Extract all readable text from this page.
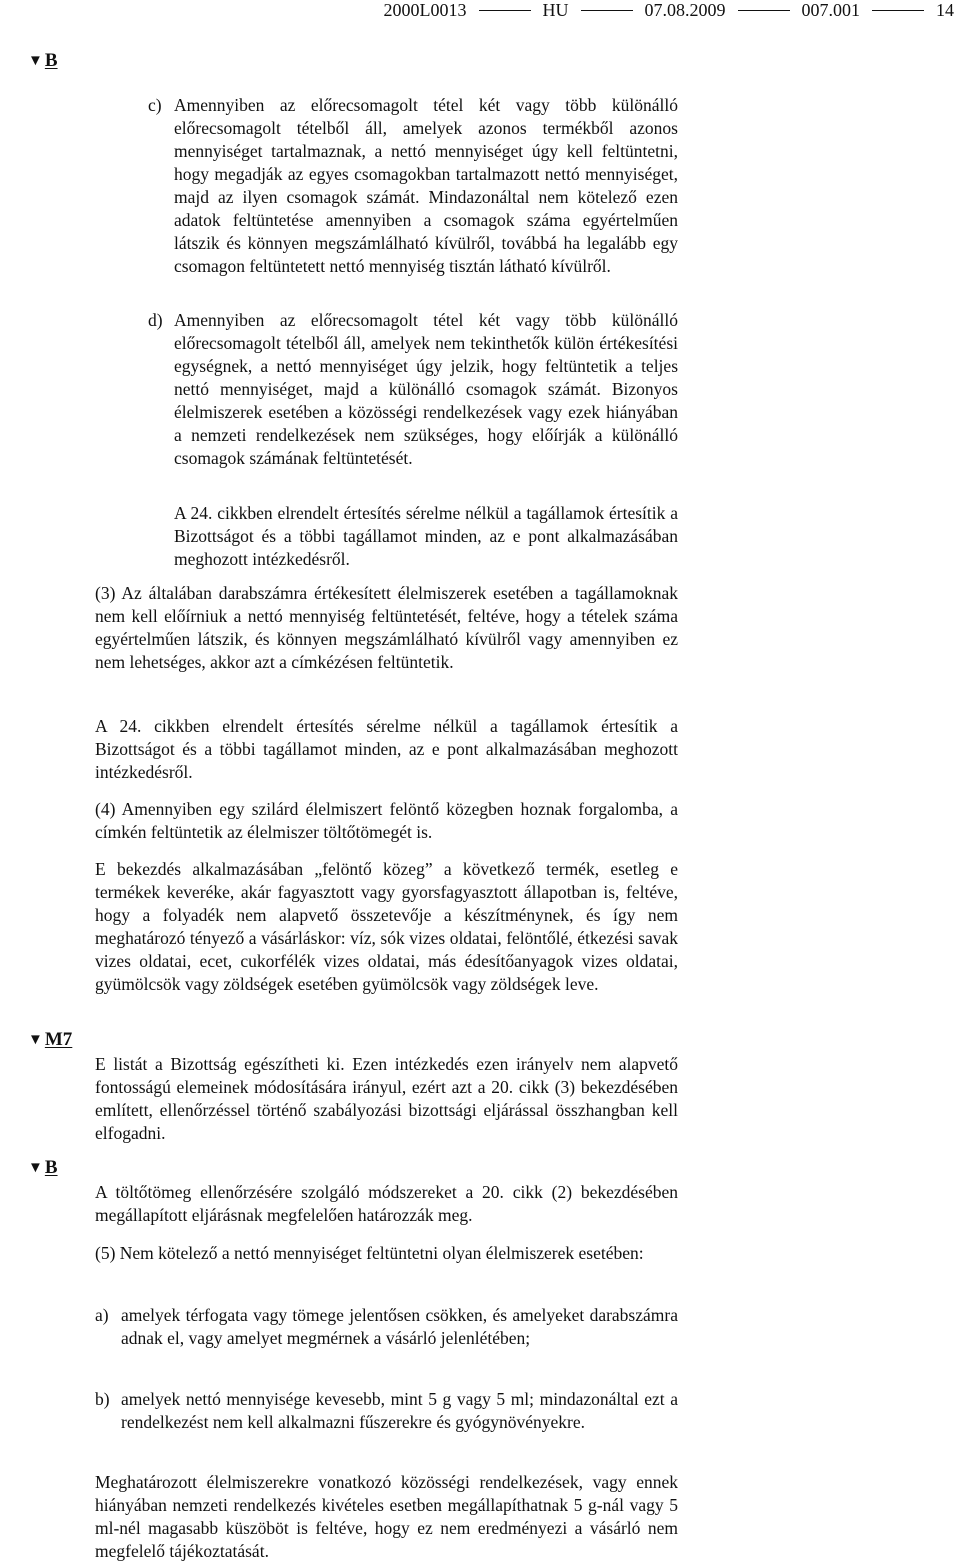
2000L0013	HU	07.08.2009	007.001	14
▼ B
▼ M7
▼ B
c) Amennyiben az előrecsomagolt tétel két vagy több különálló előrecsomagolt tételből áll, amelyek azonos termékből azonos mennyiséget tartalmaznak, a nettó mennyiséget úgy kell feltüntetni, hogy megadják az egyes csomagokban tartalmazott nettó mennyiséget, majd az ilyen csomagok számát. Mindazonáltal nem kötelező ezen adatok feltüntetése amennyiben a csomagok száma egyértelműen látszik és könnyen megszámlálható kívülről, továbbá ha legalább egy csomagon feltüntetett nettó mennyiség tisztán látható kívülről.
d) Amennyiben az előrecsomagolt tétel két vagy több különálló előrecsomagolt tételből áll, amelyek nem tekinthetők külön értékesítési egységnek, a nettó mennyiséget úgy jelzik, hogy feltüntetik a teljes nettó mennyiséget, majd a különálló csomagok számát. Bizonyos élelmiszerek esetében a közösségi rendelkezések vagy ezek hiányában a nemzeti rendelkezések nem szükséges, hogy előírják a különálló csomagok számának feltüntetését.

A 24. cikkben elrendelt értesítés sérelme nélkül a tagállamok értesítik a Bizottságot és a többi tagállamot minden, az e pont alkalmazásában meghozott intézkedésről.

(3) Az általában darabszámra értékesített élelmiszerek esetében a tagállamoknak nem kell előírniuk a nettó mennyiség feltüntetését, feltéve, hogy a tételek száma egyértelműen látszik, és könnyen megszámlálható kívülről vagy amennyiben ez nem lehetséges, akkor azt a címkézésen feltüntetik.

A 24. cikkben elrendelt értesítés sérelme nélkül a tagállamok értesítik a Bizottságot és a többi tagállamot minden, az e pont alkalmazásában meghozott intézkedésről.

(4) Amennyiben egy szilárd élelmiszert felöntő közegben hoznak forgalomba, a címkén feltüntetik az élelmiszer töltőtömegét is.

E bekezdés alkalmazásában „felöntő közeg” a következő termék, esetleg e termékek keveréke, akár fagyasztott vagy gyorsfagyasztott állapotban is, feltéve, hogy a folyadék nem alapvető összetevője a készítménynek, és így nem meghatározó tényező a vásárláskor: víz, sók vizes oldatai, felöntőlé, étkezési savak vizes oldatai, ecet, cukorfélék vizes oldatai, más édesítőanyagok vizes oldatai, gyümölcsök vagy zöldségek esetében gyümölcsök vagy zöldségek leve.

E listát a Bizottság egészítheti ki. Ezen intézkedés ezen irányelv nem alapvető fontosságú elemeinek módosítására irányul, ezért azt a 20. cikk (3) bekezdésében említett, ellenőrzéssel történő szabályozási bizottsági eljárással összhangban kell elfogadni.

A töltőtömeg ellenőrzésére szolgáló módszereket a 20. cikk (2) bekezdésében megállapított eljárásnak megfelelően határozzák meg.

(5) Nem kötelező a nettó mennyiséget feltüntetni olyan élelmiszerek esetében:

a) amelyek térfogata vagy tömege jelentősen csökken, és amelyeket darabszámra adnak el, vagy amelyet megmérnek a vásárló jelenlétében;
b) amelyek nettó mennyisége kevesebb, mint 5 g vagy 5 ml; mindazonáltal ezt a rendelkezést nem kell alkalmazni fűszerekre és gyógynövényekre.

Meghatározott élelmiszerekre vonatkozó közösségi rendelkezések, vagy ennek hiányában nemzeti rendelkezés kivételes esetben megállapíthatnak 5 g-nál vagy 5 ml-nél magasabb küszöböt is feltéve, hogy ez nem eredményezi a vásárló nem megfelelő tájékoztatását.
